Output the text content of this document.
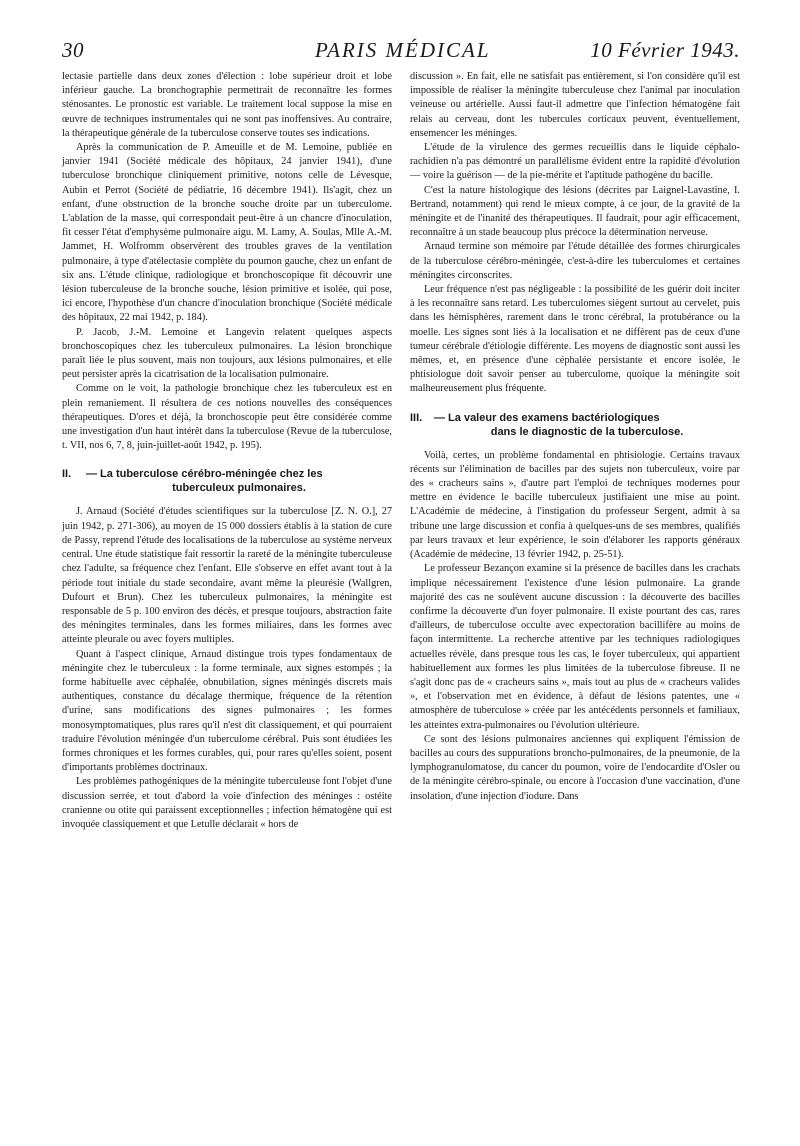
30	PARIS MÉDICAL	10 Février 1943.

lectasie partielle dans deux zones d'élection : lobe supérieur droit et lobe inférieur gauche. La bronchographie permettrait de reconnaître les formes sténosantes. Le pronostic est variable. Le traitement local suppose la mise en œuvre de techniques instrumentales qui ne sont pas inoffensives. Au contraire, la thérapeutique générale de la tuberculose conserve toutes ses indications.

Après la communication de P. Ameuille et de M. Lemoine, publiée en janvier 1941 (Société médicale des hôpitaux, 24 janvier 1941), d'une tuberculose bronchique cliniquement primitive, notons celle de Lévesque, Aubin et Perrot (Société de pédiatrie, 16 décembre 1941). Ils'agit, chez un enfant, d'une obstruction de la bronche souche droite par un tuberculome. L'ablation de la masse, qui correspondait peut-être à un chancre d'inoculation, fit cesser l'état d'emphysème pulmonaire aigu. M. Lamy, A. Soulas, Mlle A.-M. Jammet, H. Wolfromm observèrent des troubles graves de la ventilation pulmonaire, à type d'atélectasie complète du poumon gauche, chez un enfant de six ans. L'étude clinique, radiologique et bronchoscopique fit découvrir une lésion tuberculeuse de la bronche souche, lésion primitive et isolée, qui pose, ici encore, l'hypothèse d'un chancre d'inoculation bronchique (Société médicale des hôpitaux, 22 mai 1942, p. 184).

P. Jacob, J.-M. Lemoine et Langevin relatent quelques aspects bronchoscopiques chez les tuberculeux pulmonaires. La lésion bronchique paraît liée le plus souvent, mais non toujours, aux lésions pulmonaires, et elle peut persister après la cicatrisation de la localisation pulmonaire.

Comme on le voit, la pathologie bronchique chez les tuberculeux est en plein remaniement. Il résultera de ces notions nouvelles des conséquences thérapeutiques. D'ores et déjà, la bronchoscopie peut être considérée comme une investigation d'un haut intérêt dans la tuberculose (Revue de la tuberculose, t. VII, nos 6, 7, 8, juin-juillet-août 1942, p. 195).

II. — La tuberculose cérébro-méningée chez les
tuberculeux pulmonaires.

J. Arnaud (Société d'études scientifiques sur la tuberculose [Z. N. O.], 27 juin 1942, p. 271-306), au moyen de 15 000 dossiers établis à la station de cure de Passy, reprend l'étude des localisations de la tuberculose au système nerveux central. Une étude statistique fait ressortir la rareté de la méningite tuberculeuse chez l'adulte, sa fréquence chez l'enfant. Elle s'observe en effet avant tout à la période tout initiale du stade secondaire, avant même la pleurésie (Wallgren, Dufourt et Brun). Chez les tuberculeux pulmonaires, la méningite est responsable de 5 p. 100 environ des décès, et presque toujours, abstraction faite des méningites terminales, dans les formes miliaires, dans les formes avec atteinte pleurale ou avec foyers multiples.

Quant à l'aspect clinique, Arnaud distingue trois types fondamentaux de méningite chez le tuberculeux : la forme terminale, aux signes estompés ; la forme habituelle avec céphalée, obnubilation, signes méningés discrets mais authentiques, constance du décalage thermique, fréquence de la rétention d'urine, sans modifications des signes pulmonaires ; les formes monosymptomatiques, plus rares qu'il n'est dit classiquement, et qui pourraient traduire l'évolution méningée d'un tuberculome cérébral. Puis sont étudiées les formes chroniques et les formes curables, qui, pour rares qu'elles soient, posent d'importants problèmes doctrinaux.

Les problèmes pathogéniques de la méningite tuberculeuse font l'objet d'une discussion serrée, et tout d'abord la voie d'infection des méninges : ostéite cranienne ou otite qui paraissent exceptionnelles ; infection hématogène qui est invoquée classiquement et que Letulle déclarait « hors de

discussion ». En fait, elle ne satisfait pas entièrement, si l'on considère qu'il est impossible de réaliser la méningite tuberculeuse chez l'animal par inoculation veineuse ou artérielle. Aussi faut-il admettre que l'infection hématogène fait relais au cerveau, dont les tubercules corticaux peuvent, éventuellement, ensemencer les méninges.

L'étude de la virulence des germes recueillis dans le liquide céphalo-rachidien n'a pas démontré un parallélisme évident entre la rapidité d'évolution — voire la guérison — de la pie-mérite et l'aptitude pathogène du bacille.

C'est la nature histologique des lésions (décrites par Laignel-Lavastine, I. Bertrand, notamment) qui rend le mieux compte, à ce jour, de la gravité de la méningite et de l'inanité des thérapeutiques. Il faudrait, pour agir efficacement, reconnaître à un stade beaucoup plus précoce la détermination nerveuse.

Arnaud termine son mémoire par l'étude détaillée des formes chirurgicales de la tuberculose cérébro-méningée, c'est-à-dire les tuberculomes et certaines méningites circonscrites.

Leur fréquence n'est pas négligeable : la possibilité de les guérir doit inciter à les reconnaître sans retard. Les tuberculomes siègent surtout au cervelet, puis dans les hémisphères, rarement dans le tronc cérébral, la protubérance ou la moelle. Les signes sont liés à la localisation et ne diffèrent pas de ceux d'une tumeur cérébrale d'étiologie différente. Les moyens de diagnostic sont aussi les mêmes, et, en présence d'une céphalée persistante et encore isolée, le phtisiologue doit savoir penser au tuberculome, quoique la méningite soit malheureusement plus fréquente.

III. — La valeur des examens bactériologiques
dans le diagnostic de la tuberculose.

Voilà, certes, un problème fondamental en phtisiologie. Certains travaux récents sur l'élimination de bacilles par des sujets non tuberculeux, voire par des « cracheurs sains », d'autre part l'emploi de techniques modernes pour mettre en évidence le bacille tuberculeux justifiaient une mise au point. L'Académie de médecine, à l'instigation du professeur Sergent, admit à sa tribune une large discussion et confia à quelques-uns de ses membres, qualifiés par leurs travaux et leur expérience, le soin d'élaborer les rapports généraux (Académie de médecine, 13 février 1942, p. 25-51).

Le professeur Bezançon examine si la présence de bacilles dans les crachats implique nécessairement l'existence d'une lésion pulmonaire. La grande majorité des cas ne soulèvent aucune discussion : la découverte des bacilles confirme la découverte d'un foyer pulmonaire. Il existe pourtant des cas, rares d'ailleurs, de tuberculose occulte avec expectoration bacillifère au moins de façon intermittente. La recherche attentive par les techniques radiologiques actuelles révèle, dans presque tous les cas, le foyer tuberculeux, qui appartient habituellement aux formes les plus limitées de la tuberculose fibreuse. Il ne s'agit donc pas de « cracheurs sains », mais tout au plus de « cracheurs valides », et l'observation met en évidence, à défaut de lésions patentes, une « atmosphère de tuberculose » créée par les antécédents personnels et familiaux, les atteintes extra-pulmonaires ou l'évolution ultérieure.

Ce sont des lésions pulmonaires anciennes qui expliquent l'émission de bacilles au cours des suppurations broncho-pulmonaires, de la pneumonie, de la lymphogranulomatose, du cancer du poumon, voire de l'endocardite d'Osler ou de la méningite cérébro-spinale, ou encore à l'occasion d'une vaccination, d'une insolation, d'une injection d'iodure. Dans
